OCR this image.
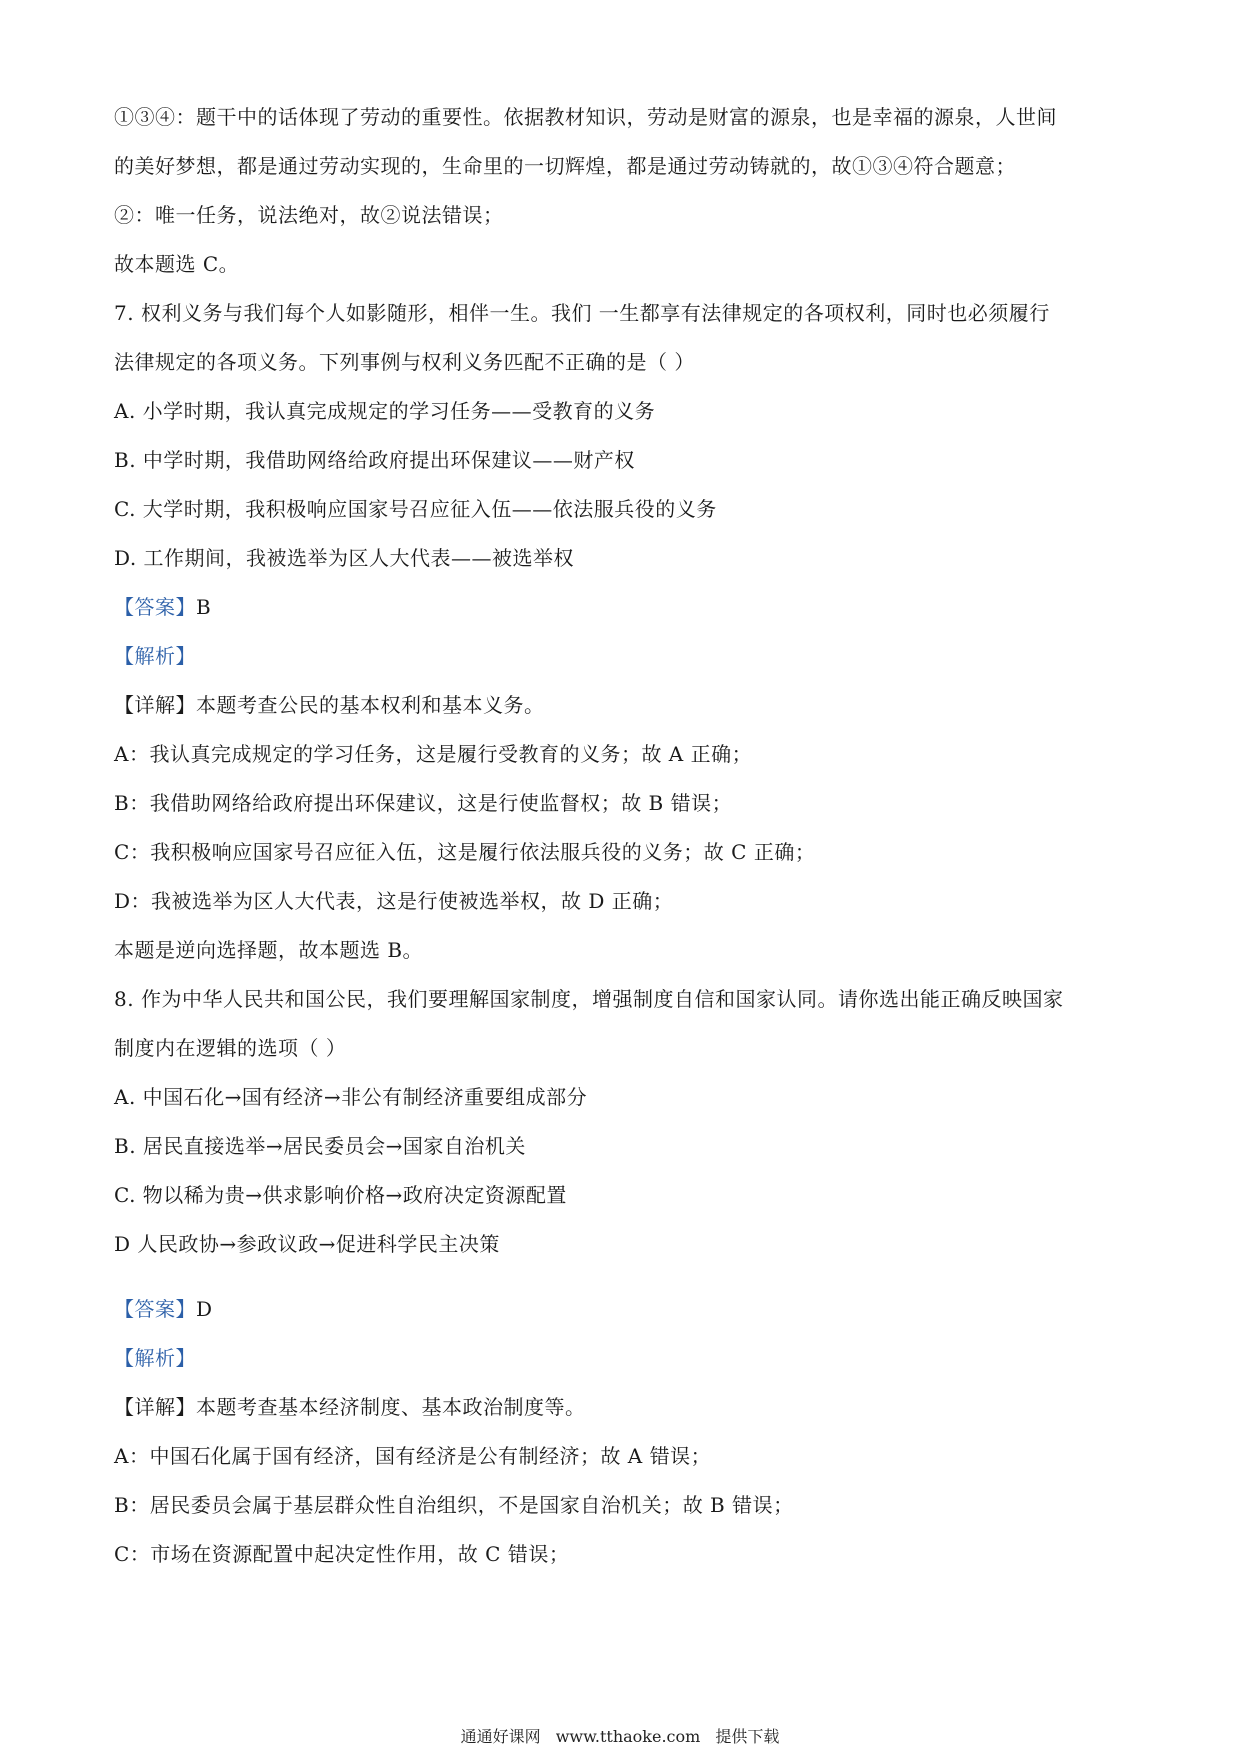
①③④：题干中的话体现了劳动的重要性。依据教材知识，劳动是财富的源泉，也是幸福的源泉，人世间
的美好梦想，都是通过劳动实现的，生命里的一切辉煌，都是通过劳动铸就的，故①③④符合题意；
②：唯一任务，说法绝对，故②说法错误；
故本题选 C。
7. 权利义务与我们每个人如影随形，相伴一生。我们 一生都享有法律规定的各项权利，同时也必须履行
法律规定的各项义务。下列事例与权利义务匹配不正确的是（ ）
A. 小学时期，我认真完成规定的学习任务——受教育的义务
B. 中学时期，我借助网络给政府提出环保建议——财产权
C. 大学时期，我积极响应国家号召应征入伍——依法服兵役的义务
D. 工作期间，我被选举为区人大代表——被选举权
【答案】B
【解析】
【详解】本题考查公民的基本权利和基本义务。
A：我认真完成规定的学习任务，这是履行受教育的义务；故 A 正确；
B：我借助网络给政府提出环保建议，这是行使监督权；故 B 错误；
C：我积极响应国家号召应征入伍，这是履行依法服兵役的义务；故 C 正确；
D：我被选举为区人大代表，这是行使被选举权，故 D 正确；
本题是逆向选择题，故本题选 B。
8. 作为中华人民共和国公民，我们要理解国家制度，增强制度自信和国家认同。请你选出能正确反映国家
制度内在逻辑的选项（ ）
A. 中国石化→国有经济→非公有制经济重要组成部分
B. 居民直接选举→居民委员会→国家自治机关
C. 物以稀为贵→供求影响价格→政府决定资源配置
D 人民政协→参政议政→促进科学民主决策
【答案】D
【解析】
【详解】本题考查基本经济制度、基本政治制度等。
A：中国石化属于国有经济，国有经济是公有制经济；故 A 错误；
B：居民委员会属于基层群众性自治组织，不是国家自治机关；故 B 错误；
C：市场在资源配置中起决定性作用，故 C 错误；
通通好课网 www.tthaoke.com 提供下载
